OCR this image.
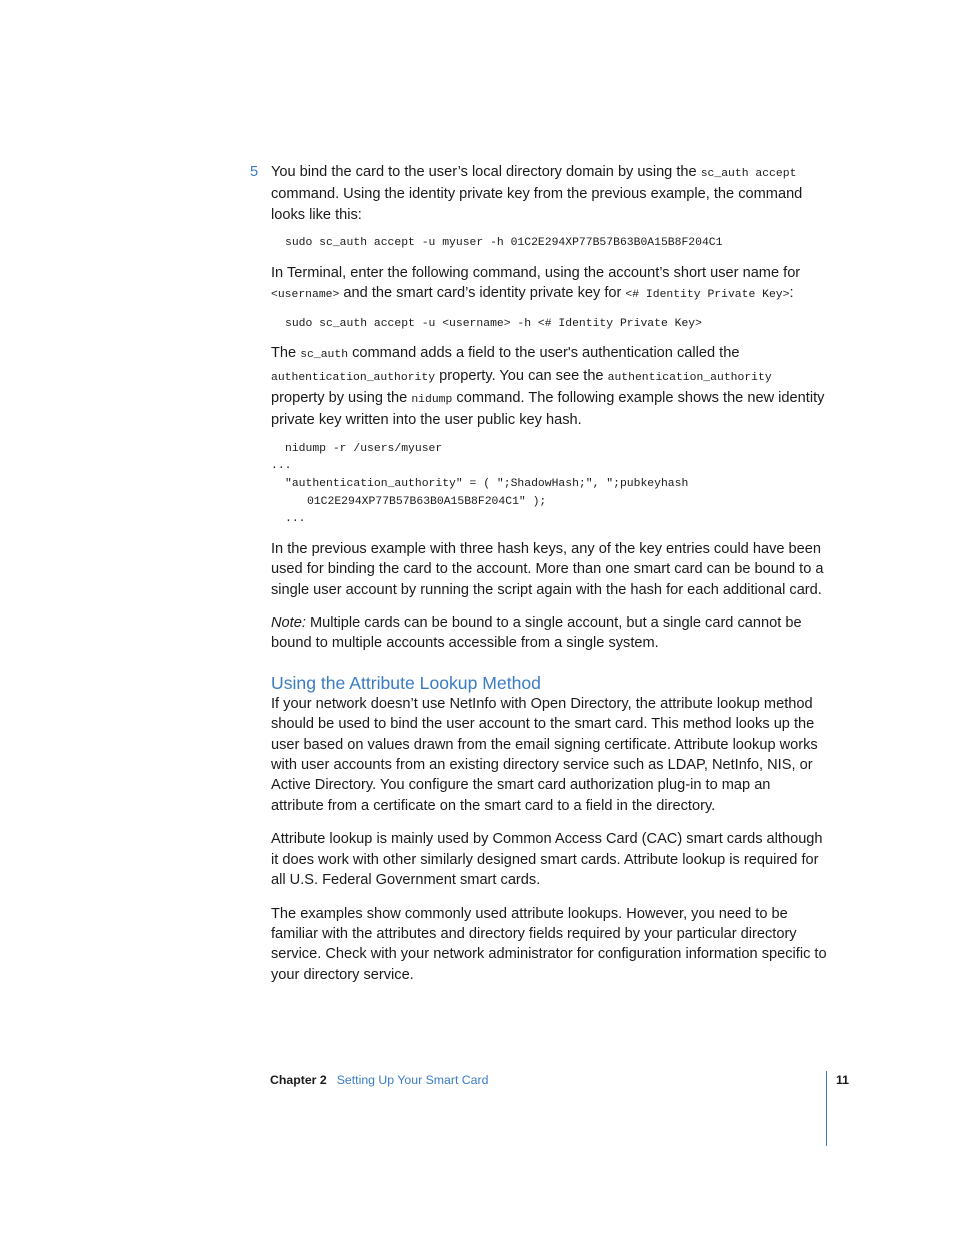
5 You bind the card to the user’s local directory domain by using the sc_auth accept command. Using the identity private key from the previous example, the command looks like this:

sudo sc_auth accept -u myuser -h 01C2E294XP77B57B63B0A15B8F204C1

In Terminal, enter the following command, using the account’s short user name for <username> and the smart card’s identity private key for <# Identity Private Key>:

sudo sc_auth accept -u <username> -h <# Identity Private Key>

The sc_auth command adds a field to the user's authentication called the authentication_authority property. You can see the authentication_authority property by using the nidump command. The following example shows the new identity private key written into the user public key hash.

nidump -r /users/myuser
...
"authentication_authority" = ( ";ShadowHash;", ";pubkeyhash
01C2E294XP77B57B63B0A15B8F204C1" );
...

In the previous example with three hash keys, any of the key entries could have been used for binding the card to the account. More than one smart card can be bound to a single user account by running the script again with the hash for each additional card.

Note: Multiple cards can be bound to a single account, but a single card cannot be bound to multiple accounts accessible from a single system.

Using the Attribute Lookup Method

If your network doesn’t use NetInfo with Open Directory, the attribute lookup method should be used to bind the user account to the smart card. This method looks up the user based on values drawn from the email signing certificate. Attribute lookup works with user accounts from an existing directory service such as LDAP, NetInfo, NIS, or Active Directory. You configure the smart card authorization plug-in to map an attribute from a certificate on the smart card to a field in the directory.

Attribute lookup is mainly used by Common Access Card (CAC) smart cards although it does work with other similarly designed smart cards. Attribute lookup is required for all U.S. Federal Government smart cards.

The examples show commonly used attribute lookups. However, you need to be familiar with the attributes and directory fields required by your particular directory service. Check with your network administrator for configuration information specific to your directory service.

Chapter 2 Setting Up Your Smart Card	11
